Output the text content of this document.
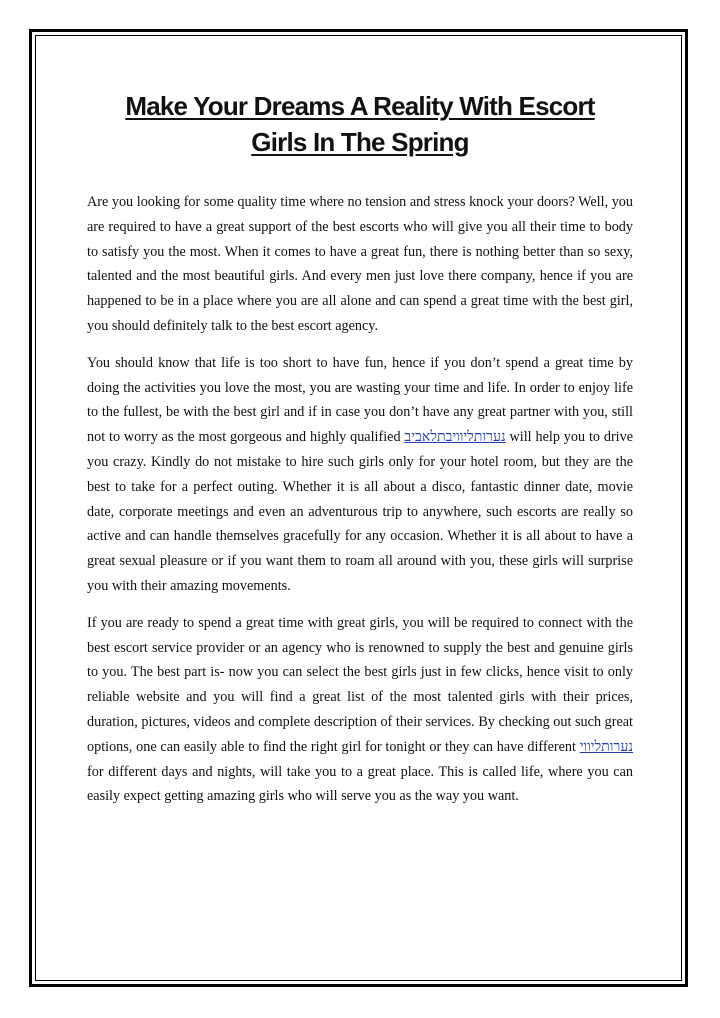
Make Your Dreams A Reality With Escort
Girls In The Spring

Are you looking for some quality time where no tension and stress knock your doors? Well, you are required to have a great support of the best escorts who will give you all their time to body to satisfy you the most. When it comes to have a great fun, there is nothing better than so sexy, talented and the most beautiful girls. And every men just love there company, hence if you are happened to be in a place where you are all alone and can spend a great time with the best girl, you should definitely talk to the best escort agency.

You should know that life is too short to have fun, hence if you don’t spend a great time by doing the activities you love the most, you are wasting your time and life. In order to enjoy life to the fullest, be with the best girl and if in case you don’t have any great partner with you, still not to worry as the most gorgeous and highly qualified נערותליוויבתלאביב will help you to drive you crazy. Kindly do not mistake to hire such girls only for your hotel room, but they are the best to take for a perfect outing. Whether it is all about a disco, fantastic dinner date, movie date, corporate meetings and even an adventurous trip to anywhere, such escorts are really so active and can handle themselves gracefully for any occasion. Whether it is all about to have a great sexual pleasure or if you want them to roam all around with you, these girls will surprise you with their amazing movements.

If you are ready to spend a great time with great girls, you will be required to connect with the best escort service provider or an agency who is renowned to supply the best and genuine girls to you. The best part is- now you can select the best girls just in few clicks, hence visit to only reliable website and you will find a great list of the most talented girls with their prices, duration, pictures, videos and complete description of their services. By checking out such great options, one can easily able to find the right girl for tonight or they can have different נערותליווי for different days and nights, will take you to a great place. This is called life, where you can easily expect getting amazing girls who will serve you as the way you want.
